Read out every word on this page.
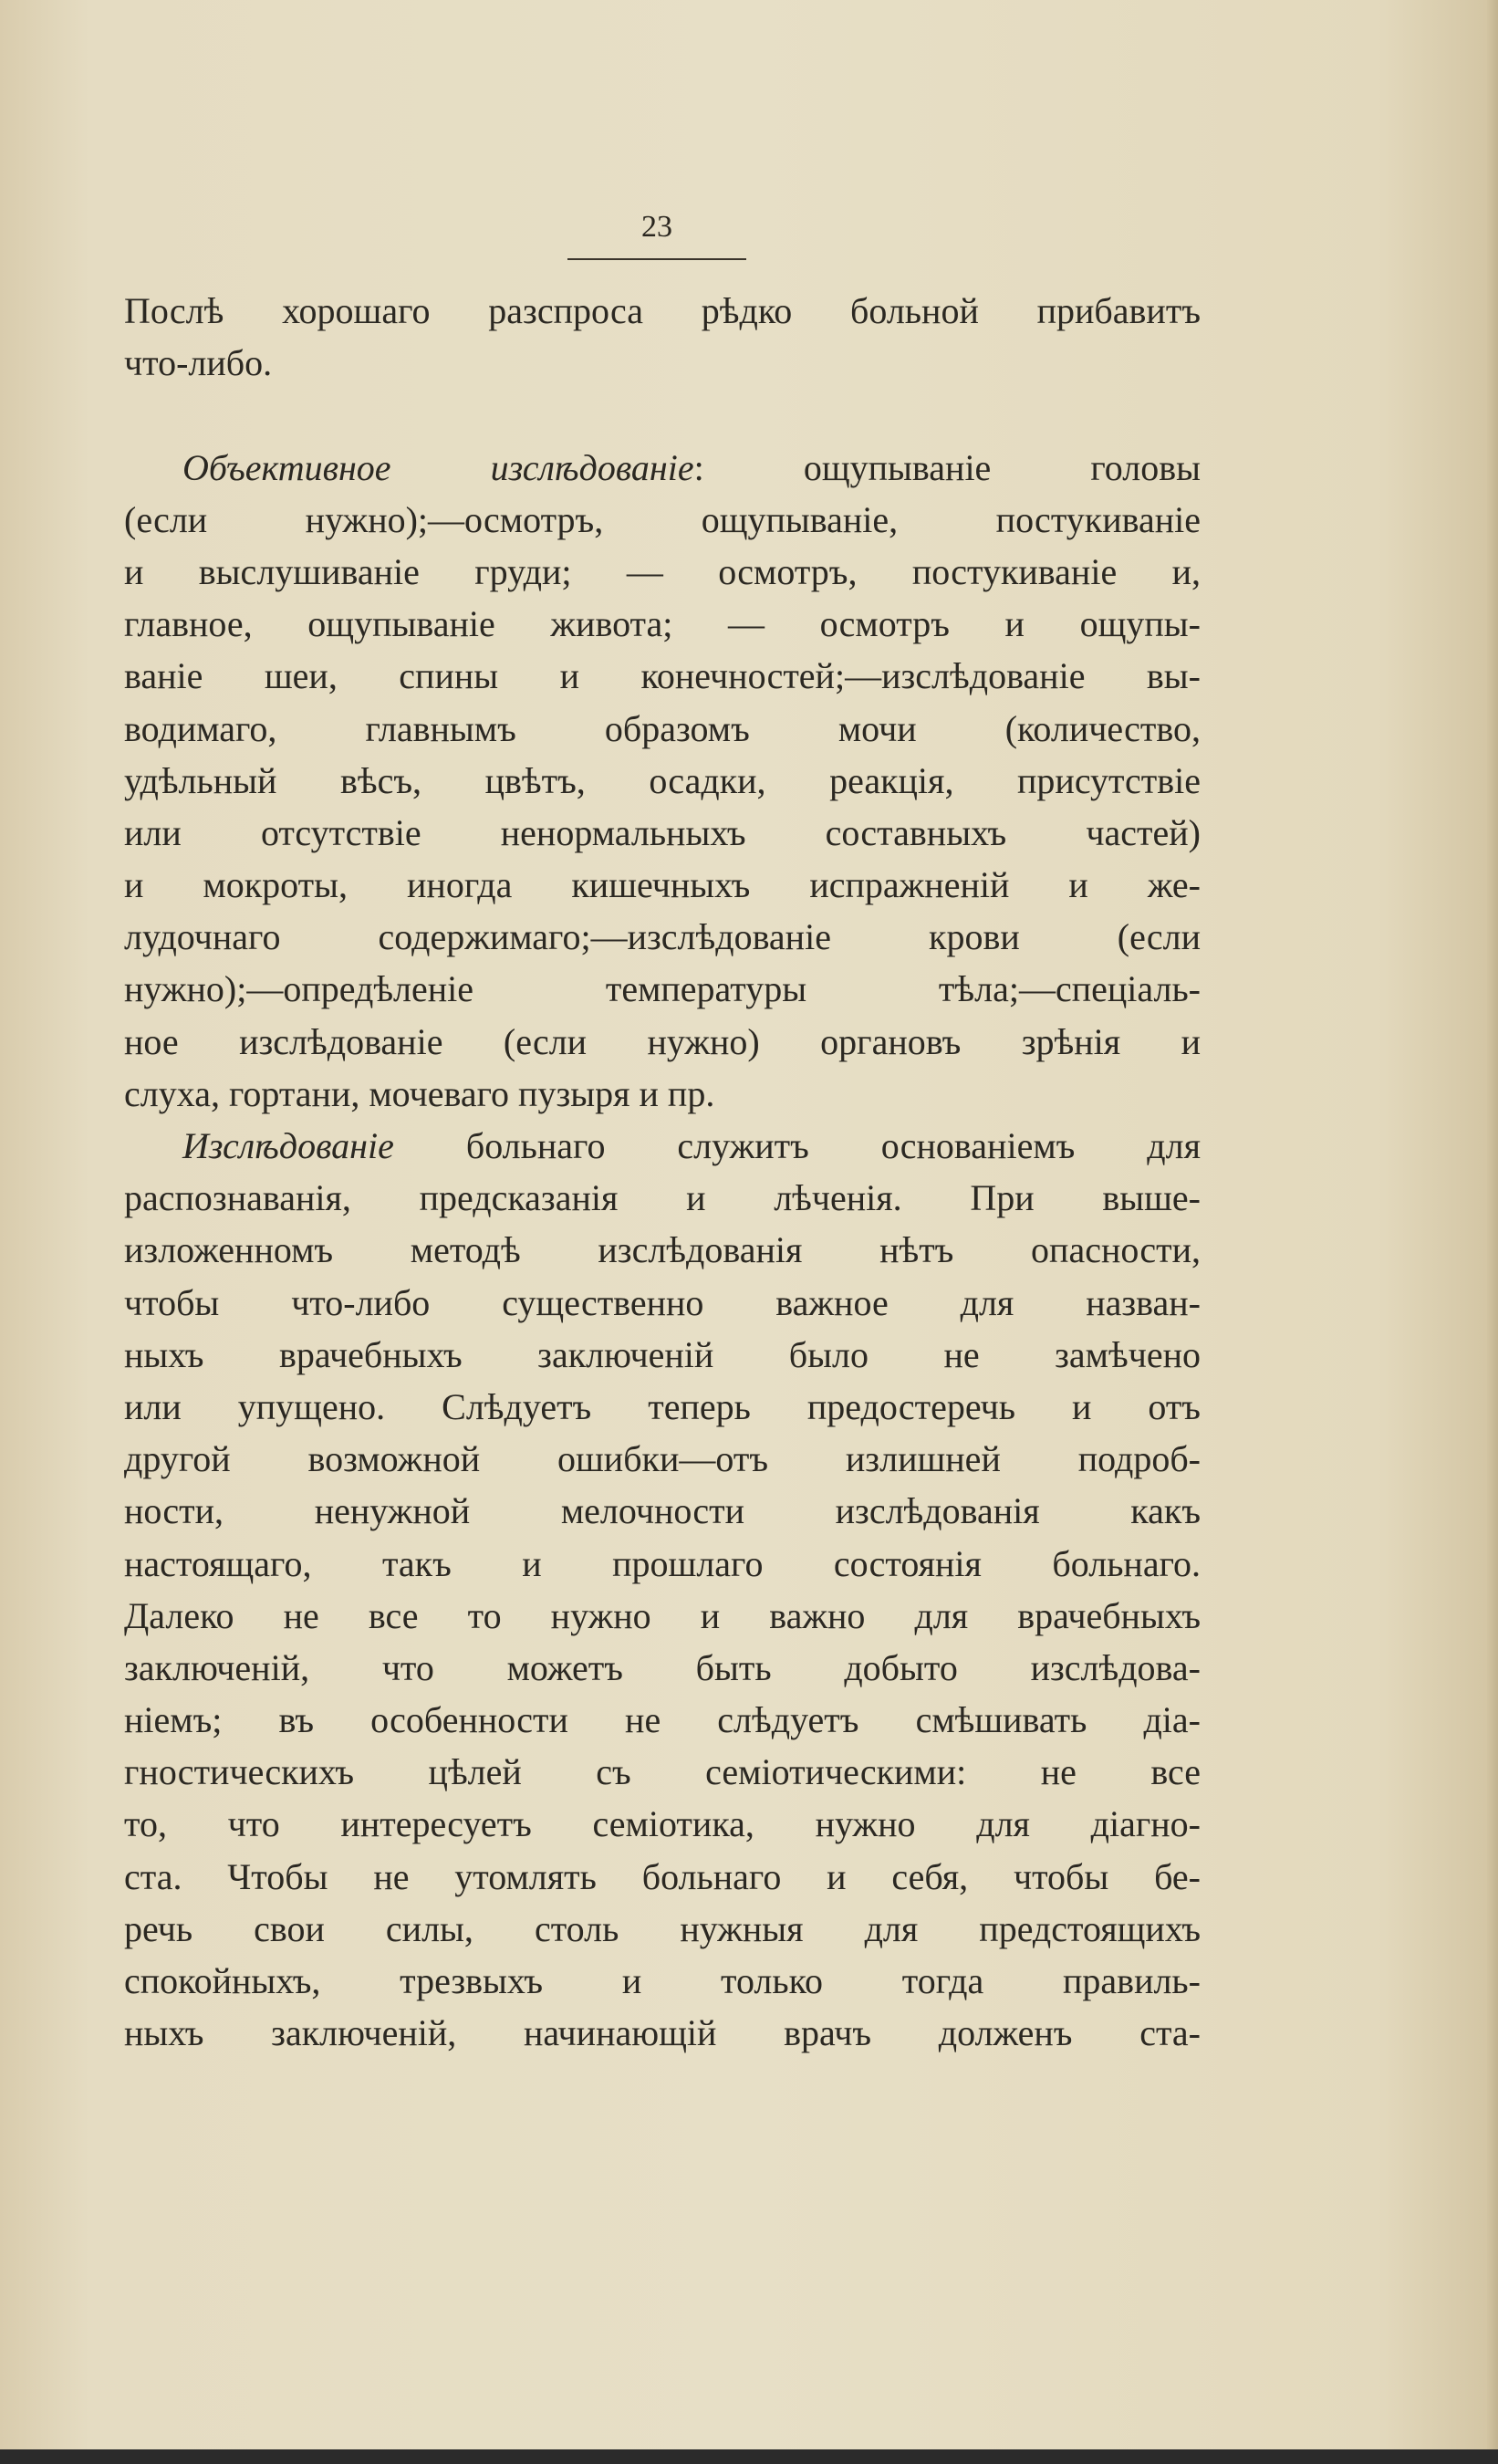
23
Послѣ хорошаго разспроса рѣдко больной прибавитъ
что-либо.
Объективное изслѣдованіе: ощупываніе головы
(если нужно);—осмотръ, ощупываніе, постукиваніе
и выслушиваніе груди; — осмотръ, постукиваніе и,
главное, ощупываніе живота; — осмотръ и ощупы-
ваніе шеи, спины и конечностей;—изслѣдованіе вы-
водимаго, главнымъ образомъ мочи (количество,
удѣльный вѣсъ, цвѣтъ, осадки, реакція, присутствіе
или отсутствіе ненормальныхъ составныхъ частей)
и мокроты, иногда кишечныхъ испражненій и же-
лудочнаго содержимаго;—изслѣдованіе крови (если
нужно);—опредѣленіе температуры тѣла;—спеціаль-
ное изслѣдованіе (если нужно) органовъ зрѣнія и
слуха, гортани, мочеваго пузыря и пр.
Изслѣдованіе больнаго служитъ основаніемъ для
распознаванія, предсказанія и лѣченія. При выше-
изложенномъ методѣ изслѣдованія нѣтъ опасности,
чтобы что-либо существенно важное для назван-
ныхъ врачебныхъ заключеній было не замѣчено
или упущено. Слѣдуетъ теперь предостеречь и отъ
другой возможной ошибки—отъ излишней подроб-
ности, ненужной мелочности изслѣдованія какъ
настоящаго, такъ и прошлаго состоянія больнаго.
Далеко не все то нужно и важно для врачебныхъ
заключеній, что можетъ быть добыто изслѣдова-
ніемъ; въ особенности не слѣдуетъ смѣшивать діа-
гностическихъ цѣлей съ семіотическими: не все
то, что интересуетъ семіотика, нужно для діагно-
ста. Чтобы не утомлять больнаго и себя, чтобы бе-
речь свои силы, столь нужныя для предстоящихъ
спокойныхъ, трезвыхъ и только тогда правиль-
ныхъ заключеній, начинающій врачъ долженъ ста-
